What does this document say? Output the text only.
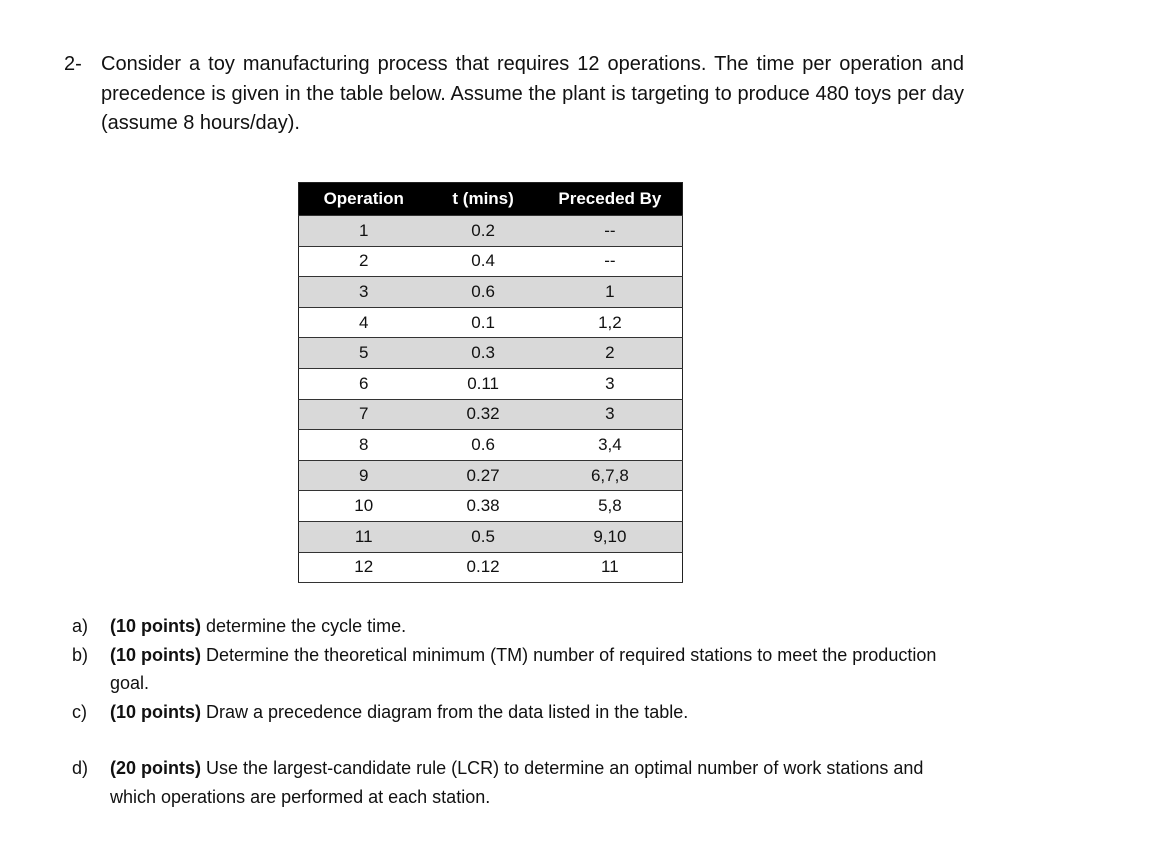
2- Consider a toy manufacturing process that requires 12 operations. The time per operation and precedence is given in the table below. Assume the plant is targeting to produce 480 toys per day (assume 8 hours/day).
Operation	t (mins)	Preceded By
1	0.2	--
2	0.4	--
3	0.6	1
4	0.1	1,2
5	0.3	2
6	0.11	3
7	0.32	3
8	0.6	3,4
9	0.27	6,7,8
10	0.38	5,8
11	0.5	9,10
12	0.12	11
a) (10 points) determine the cycle time.
b) (10 points) Determine the theoretical minimum (TM) number of required stations to meet the production goal.
c) (10 points) Draw a precedence diagram from the data listed in the table.
d) (20 points) Use the largest-candidate rule (LCR) to determine an optimal number of work stations and which operations are performed at each station.
